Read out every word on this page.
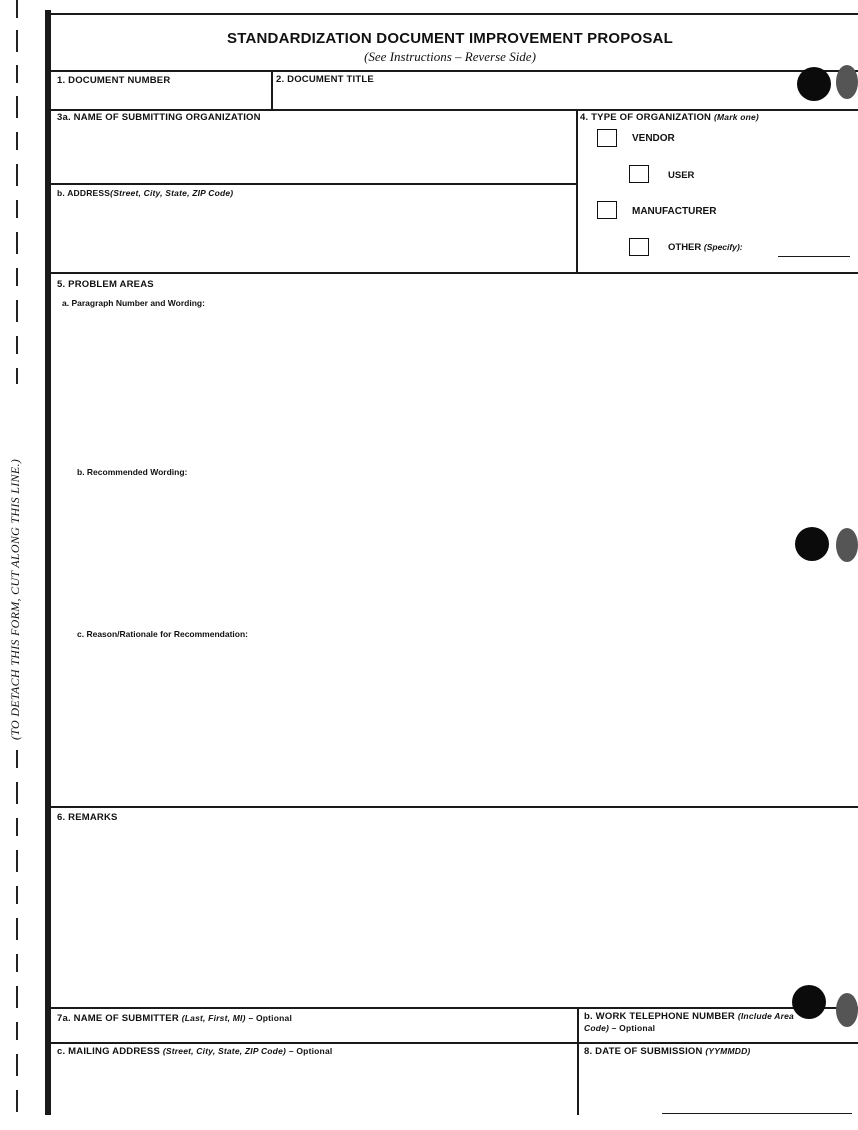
(TO DETACH THIS FORM, CUT ALONG THIS LINE.)
STANDARDIZATION DOCUMENT IMPROVEMENT PROPOSAL
(See Instructions – Reverse Side)
1. DOCUMENT NUMBER	2. DOCUMENT TITLE
3a. NAME OF SUBMITTING ORGANIZATION
b. ADDRESS(Street, City, State, ZIP Code)
4. TYPE OF ORGANIZATION (Mark one)
VENDOR
USER
MANUFACTURER
OTHER (Specify):
5. PROBLEM AREAS
a. Paragraph Number and Wording:
b. Recommended Wording:
c. Reason/Rationale for Recommendation:
6. REMARKS
7a. NAME OF SUBMITTER (Last, First, MI) – Optional	b. WORK TELEPHONE NUMBER (Include Area
Code) – Optional
c. MAILING ADDRESS (Street, City, State, ZIP Code) – Optional	8. DATE OF SUBMISSION (YYMMDD)
